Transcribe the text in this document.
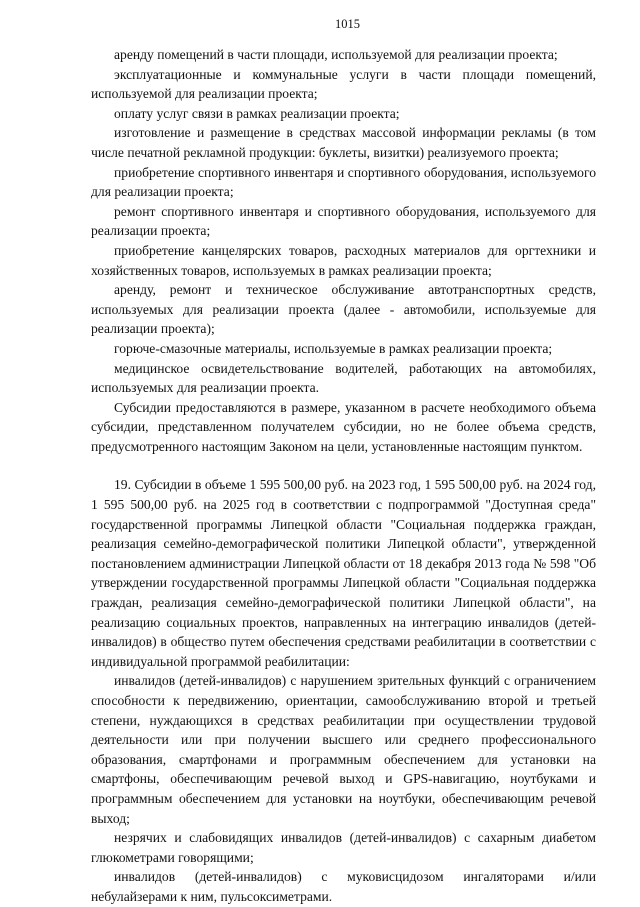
1015

аренду помещений в части площади, используемой для реализации проекта;

эксплуатационные и коммунальные услуги в части площади помещений, используемой для реализации проекта;

оплату услуг связи в рамках реализации проекта;

изготовление и размещение в средствах массовой информации рекламы (в том числе печатной рекламной продукции: буклеты, визитки) реализуемого проекта;

приобретение спортивного инвентаря и спортивного оборудования, используемого для реализации проекта;

ремонт спортивного инвентаря и спортивного оборудования, используемого для реализации проекта;

приобретение канцелярских товаров, расходных материалов для оргтехники и хозяйственных товаров, используемых в рамках реализации проекта;

аренду, ремонт и техническое обслуживание автотранспортных средств, используемых для реализации проекта (далее - автомобили, используемые для реализации проекта);

горюче-смазочные материалы, используемые в рамках реализации проекта;

медицинское освидетельствование водителей, работающих на автомобилях, используемых для реализации проекта.

Субсидии предоставляются в размере, указанном в расчете необходимого объема субсидии, представленном получателем субсидии, но не более объема средств, предусмотренного настоящим Законом на цели, установленные настоящим пунктом.

19. Субсидии в объеме 1 595 500,00 руб. на 2023 год, 1 595 500,00 руб. на 2024 год, 1 595 500,00 руб. на 2025 год в соответствии с подпрограммой "Доступная среда" государственной программы Липецкой области "Социальная поддержка граждан, реализация семейно-демографической политики Липецкой области", утвержденной постановлением администрации Липецкой области от 18 декабря 2013 года № 598 "Об утверждении государственной программы Липецкой области "Социальная поддержка граждан, реализация семейно-демографической политики Липецкой области", на реализацию социальных проектов, направленных на интеграцию инвалидов (детей-инвалидов) в общество путем обеспечения средствами реабилитации в соответствии с индивидуальной программой реабилитации:

инвалидов (детей-инвалидов) с нарушением зрительных функций с ограничением способности к передвижению, ориентации, самообслуживанию второй и третьей степени, нуждающихся в средствах реабилитации при осуществлении трудовой деятельности или при получении высшего или среднего профессионального образования, смартфонами и программным обеспечением для установки на смартфоны, обеспечивающим речевой выход и GPS-навигацию, ноутбуками и программным обеспечением для установки на ноутбуки, обеспечивающим речевой выход;

незрячих и слабовидящих инвалидов (детей-инвалидов) с сахарным диабетом глюкометрами говорящими;

инвалидов (детей-инвалидов) с муковисцидозом ингаляторами и/или небулайзерами к ним, пульсоксиметрами.
